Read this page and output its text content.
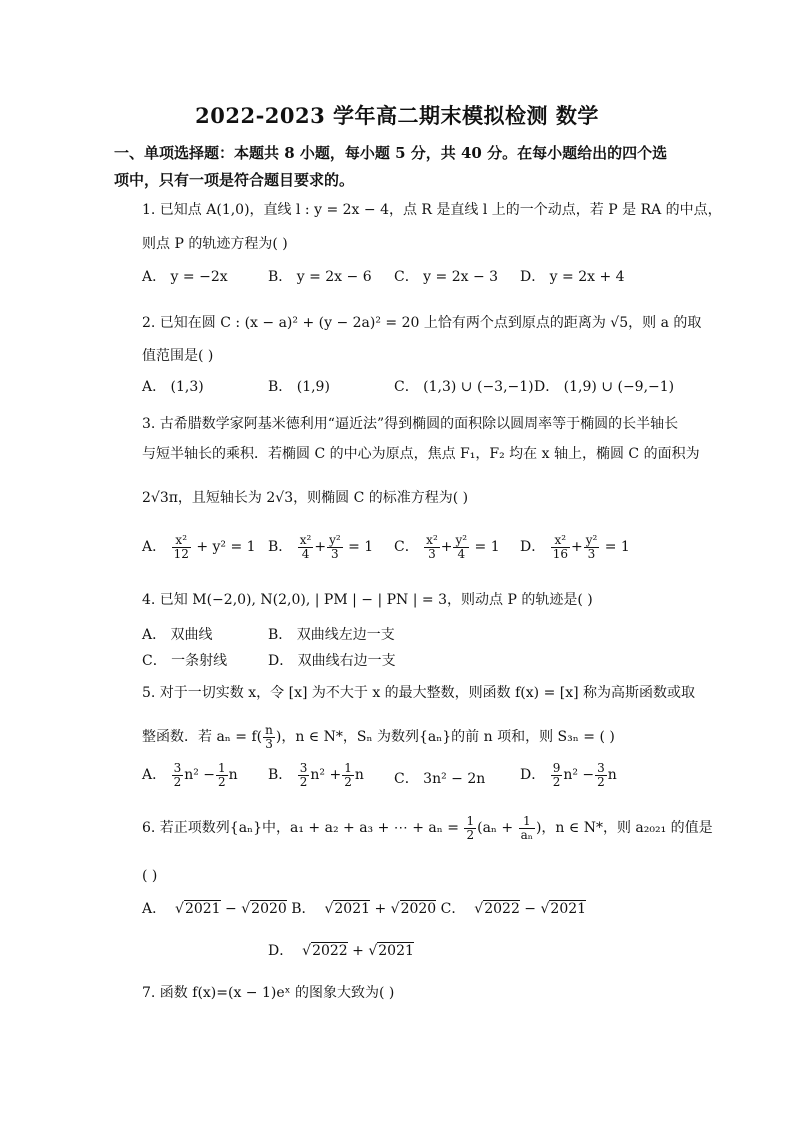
2022-2023 学年高二期末模拟检测 数学
一、单项选择题：本题共 8 小题，每小题 5 分，共 40 分。在每小题给出的四个选项中，只有一项是符合题目要求的。
1. 已知点 A(1,0)，直线 l : y = 2x − 4，点 R 是直线 l 上的一个动点，若 P 是 RA 的中点，
则点 P 的轨迹方程为( )
A． y = −2x	B． y = 2x − 6 C． y = 2x − 3 D． y = 2x + 4
2. 已知在圆 C : (x − a)² + (y − 2a)² = 20 上恰有两个点到原点的距离为 √5，则 a 的取
值范围是( )
A． (1,3)	B． (1,9)	C． (1,3) ∪ (−3,−1) D． (1,9) ∪ (−9,−1)
3. 古希腊数学家阿基米德利用“逼近法”得到椭圆的面积除以圆周率等于椭圆的长半轴长
与短半轴长的乘积．若椭圆 C 的中心为原点，焦点 F₁，F₂ 均在 x 轴上，椭圆 C 的面积为
2√3π，且短轴长为 2√3，则椭圆 C 的标准方程为( )
A． $\frac{\text{x²}}{12} + y^2 = 1$ B． $\frac{\text{x²}}{4} + \frac{\text{y²}}{3} = 1$ C． $\frac{\text{x²}}{3} + \frac{\text{y²}}{4} = 1$ D． $\frac{\text{x²}}{16} + \frac{\text{y²}}{3} = 1$
4. 已知 M(−2,0), N(2,0), | PM | − | PN | = 3，则动点 P 的轨迹是( )
A． 双曲线	B． 双曲线左边一支
C． 一条射线	D． 双曲线右边一支
5. 对于一切实数 x，令 [x] 为不大于 x 的最大整数，则函数 f(x) = [x] 称为高斯函数或取
整函数．若 $a_n = f( \frac{n}{3}$ )，n ∈ N*，Sₙ 为数列{aₙ}的前 n 项和，则 S₃ₙ = ( )
A． $\frac{3}{2} n^2 - \frac{1}{2}$ n B． $\frac{3}{2} n^2 + \frac{1}{2}$ n C． 3n² − 2n D． $\frac{9}{2} n^2 - \frac{3}{2}$ n
6. 若正项数列{aₙ}中，a₁ + a₂ + a₃ + ⋯ + $a_n = \frac{1}{2} (a_n + \frac{1}{\text{aₙ}}$ )，n ∈ N*，则 a₂₀₂₁ 的值是
( )
A．  √2021 − √2020 B．  √2021 + √2020 C．  √2022 − √2021
D．  √2022 + √2021
7. 函数 f(x)=(x − 1)eˣ 的图象大致为( )
